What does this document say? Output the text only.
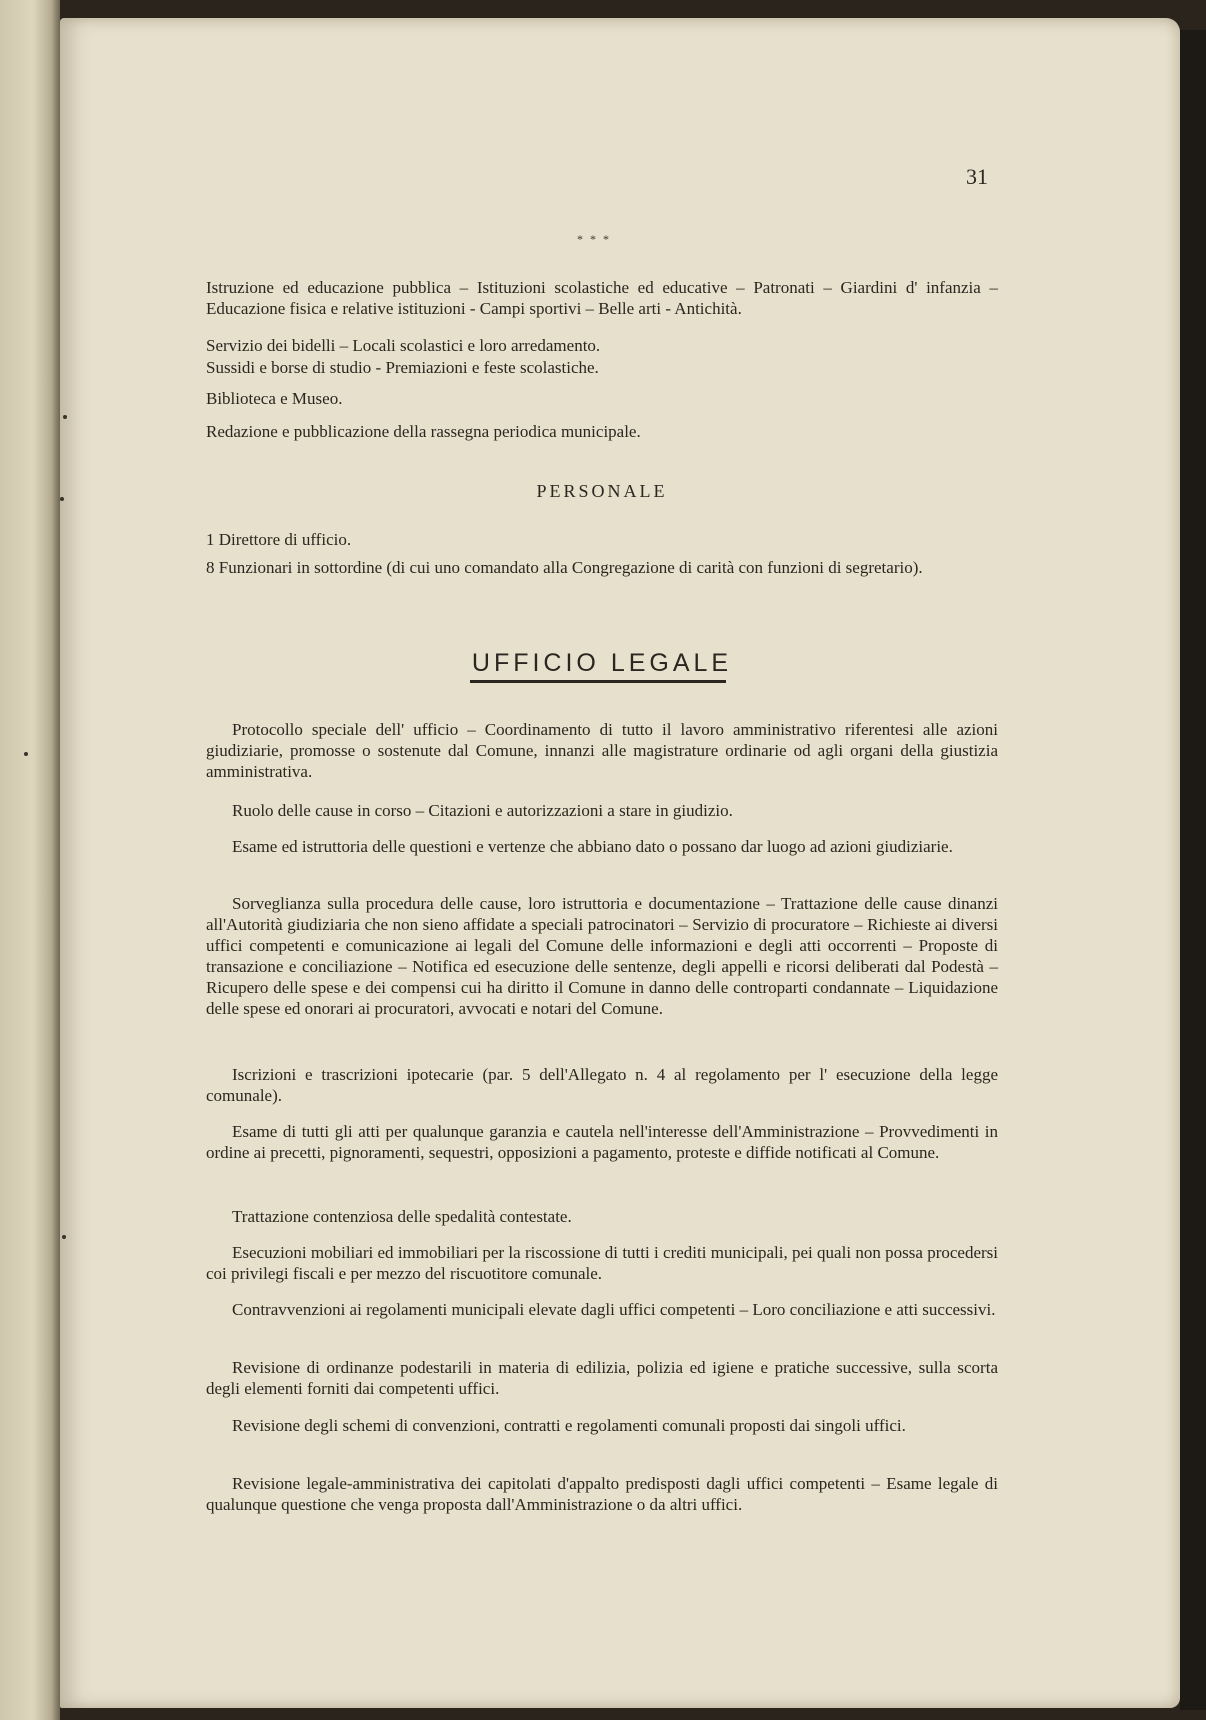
31
* * *

Istruzione ed educazione pubblica – Istituzioni scolastiche ed educative – Patronati – Giardini d' infanzia – Educazione fisica e relative istituzioni - Campi sportivi – Belle arti - Antichità.

Servizio dei bidelli – Locali scolastici e loro arredamento.

Sussidi e borse di studio - Premiazioni e feste scolastiche.

Biblioteca e Museo.

Redazione e pubblicazione della rassegna periodica municipale.

1 Direttore di ufficio.

8 Funzionari in sottordine (di cui uno comandato alla Congregazione di carità con funzioni di segretario).

Protocollo speciale dell' ufficio – Coordinamento di tutto il lavoro amministrativo riferentesi alle azioni giudiziarie, promosse o sostenute dal Comune, innanzi alle magistrature ordinarie od agli organi della giustizia amministrativa.

Ruolo delle cause in corso – Citazioni e autorizzazioni a stare in giudizio.

Esame ed istruttoria delle questioni e vertenze che abbiano dato o possano dar luogo ad azioni giudiziarie.

Sorveglianza sulla procedura delle cause, loro istruttoria e documentazione – Trattazione delle cause dinanzi all'Autorità giudiziaria che non sieno affidate a speciali patrocinatori – Servizio di procuratore – Richieste ai diversi uffici competenti e comunicazione ai legali del Comune delle informazioni e degli atti occorrenti – Proposte di transazione e conciliazione – Notifica ed esecuzione delle sentenze, degli appelli e ricorsi deliberati dal Podestà – Ricupero delle spese e dei compensi cui ha diritto il Comune in danno delle controparti condannate – Liquidazione delle spese ed onorari ai procuratori, avvocati e notari del Comune.

Iscrizioni e trascrizioni ipotecarie (par. 5 dell'Allegato n. 4 al regolamento per l' esecuzione della legge comunale).

Esame di tutti gli atti per qualunque garanzia e cautela nell'interesse dell'Amministrazione – Provvedimenti in ordine ai precetti, pignoramenti, sequestri, opposizioni a pagamento, proteste e diffide notificati al Comune.

Trattazione contenziosa delle spedalità contestate.

Esecuzioni mobiliari ed immobiliari per la riscossione di tutti i crediti municipali, pei quali non possa procedersi coi privilegi fiscali e per mezzo del riscuotitore comunale.

Contravvenzioni ai regolamenti municipali elevate dagli uffici competenti – Loro conciliazione e atti successivi.

Revisione di ordinanze podestarili in materia di edilizia, polizia ed igiene e pratiche successive, sulla scorta degli elementi forniti dai competenti uffici.

Revisione degli schemi di convenzioni, contratti e regolamenti comunali proposti dai singoli uffici.

Revisione legale-amministrativa dei capitolati d'appalto predisposti dagli uffici competenti – Esame legale di qualunque questione che venga proposta dall'Amministrazione o da altri uffici.

PERSONALE
UFFICIO LEGALE
